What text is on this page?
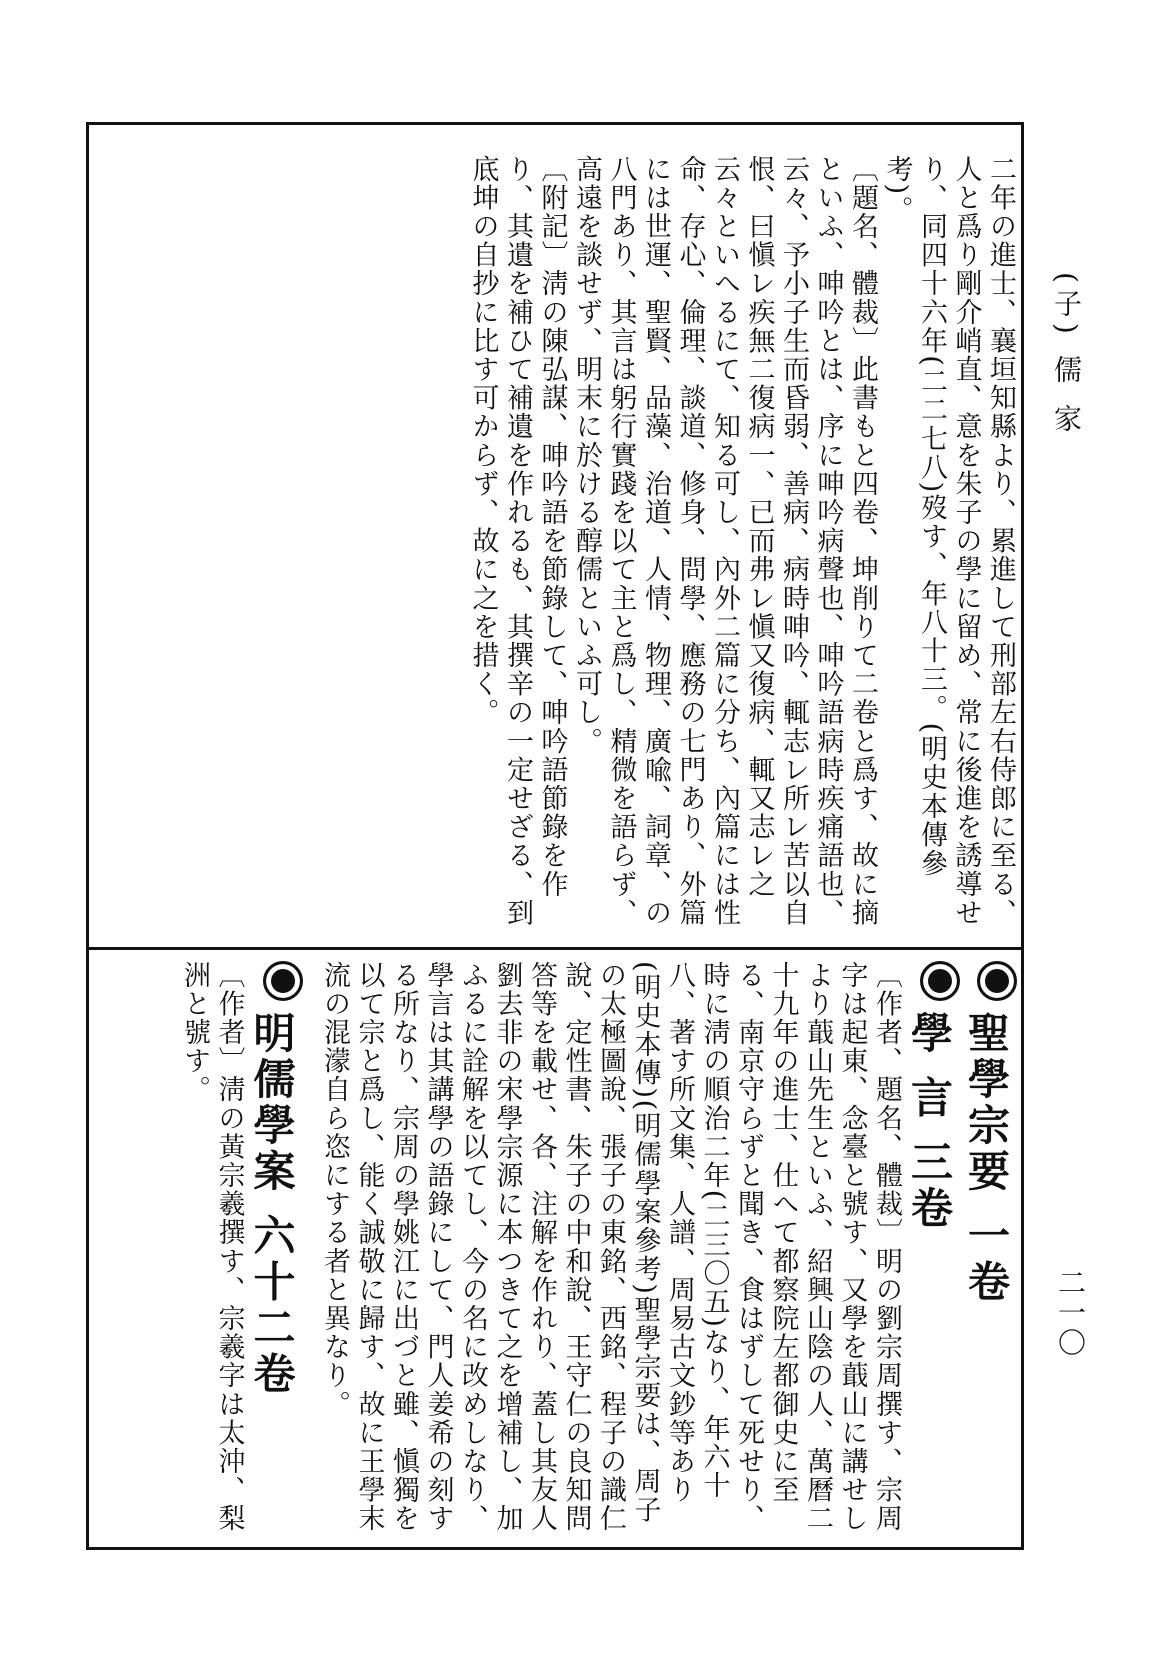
(子) 儒 家
二一〇

二年の進士、襄垣知縣より、累進して刑部左右侍郎に至る、人と爲り剛介峭直、意を朱子の學に留め、常に後進を誘導せり、同四十六年(二二七八)歿す、年八十三。(明史本傳參考)。

〔題名、體裁〕此書もと四卷、坤削りて二卷と爲す、故に摘といふ、呻吟とは、序に呻吟病聲也、呻吟語病時疾痛語也、云々、予小子生而昏弱、善病、病時呻吟、輒志レ所レ苦以自恨、曰愼レ疾無二復病一、已而弗レ愼又復病、輒又志レ之云々といへるにて、知る可し、內外二篇に分ち、內篇には性命、存心、倫理、談道、修身、問學、應務の七門あり、外篇には世運、聖賢、品藻、治道、人情、物理、廣喩、詞章、の八門あり、其言は躬行實踐を以て主と爲し、精微を語らず、高遠を談せず、明末に於ける醇儒といふ可し。

〔附記〕淸の陳弘謀、呻吟語を節錄して、呻吟語節錄を作り、其遺を補ひて補遺を作れるも、其撰辛の一定せざる、到底坤の自抄に比す可からず、故に之を措く。

聖學宗要 一卷
學 言 三卷

〔作者、題名、體裁〕明の劉宗周撰す、宗周字は起東、念臺と號す、又學を蕺山に講せしより蕺山先生といふ、紹興山陰の人、萬曆二十九年の進士、仕へて都察院左都御史に至る、南京守らずと聞き、食はずして死せり、時に淸の順治二年(二三〇五)なり、年六十八、著す所文集、人譜、周易古文鈔等あり(明史本傳)(明儒學案參考)聖學宗要は、周子の太極圖說、張子の東銘、西銘、程子の識仁說、定性書、朱子の中和說、王守仁の良知問答等を載せ、各、注解を作れり、蓋し其友人劉去非の宋學宗源に本つきて之を增補し、加ふるに詮解を以てし、今の名に改めしなり、學言は其講學の語錄にして、門人姜希の刻する所なり、宗周の學姚江に出づと雖、愼獨を以て宗と爲し、能く誠敬に歸す、故に王學末流の混濛自ら恣にする者と異なり。

明儒學案 六十二卷

〔作者〕淸の黃宗羲撰す、宗羲字は太沖、梨洲と號す。
